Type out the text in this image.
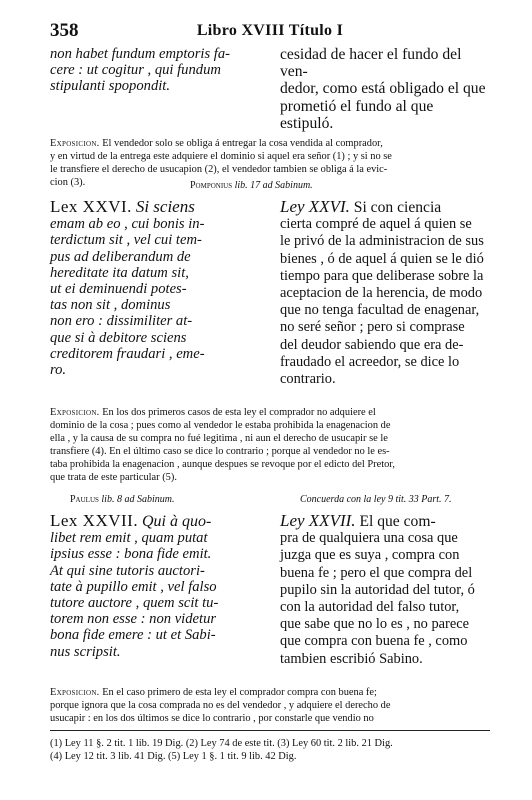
358	Libro XVIII Título I
non habet fundum emptoris fa-
cere : ut cogitur , qui fundum
stipulanti spopondit.
cesidad de hacer el fundo del ven-
dedor, como está obligado el que
prometió el fundo al que estipuló.

Exposicion. El vendedor solo se obliga á entregar la cosa vendida al comprador,

y en virtud de la entrega este adquiere el dominio si aquel era señor (1) ; y si no se

le transfiere el derecho de usucapion (2), el vendedor tambien se obliga á la evic-

cion (3).	Pomponius lib. 17 ad Sabinum.
Lex XXVI. Si sciens
emam ab eo , cui bonis in-
terdictum sit , vel cui tem-
pus ad deliberandum de
hereditate ita datum sit,
ut ei deminuendi potes-
tas non sit , dominus
non ero : dissimiliter at-
que si à debitore sciens
creditorem fraudari , eme-
ro.
Ley XXVI. Si con ciencia
cierta compré de aquel á quien se
le privó de la administracion de sus
bienes , ó de aquel á quien se le dió
tiempo para que deliberase sobre la
aceptacion de la herencia, de modo
que no tenga facultad de enagenar,
no seré señor ; pero si comprase
del deudor sabiendo que era de-
fraudado el acreedor, se dice lo
contrario.

Exposicion. En los dos primeros casos de esta ley el comprador no adquiere el

dominio de la cosa ; pues como al vendedor le estaba prohibida la enagenacion de

ella , y la causa de su compra no fué legitima , ni aun el derecho de usucapir se le

transfiere (4). En el último caso se dice lo contrario ; porque al vendedor no le es-

taba prohibida la enagenacion , aunque despues se revoque por el edicto del Pretor,

que trata de este particular (5).

Paulus lib. 8 ad Sabinum.	Concuerda con la ley 9 tit. 33 Part. 7.
Lex XXVII. Qui à quo-
libet rem emit , quam putat
ipsius esse : bona fide emit.
At qui sine tutoris auctori-
tate à pupillo emit , vel falso
tutore auctore , quem scit tu-
torem non esse : non videtur
bona fide emere : ut et Sabi-
nus scripsit.
Ley XXVII. El que com-
pra de qualquiera una cosa que
juzga que es suya , compra con
buena fe ; pero el que compra del
pupilo sin la autoridad del tutor, ó
con la autoridad del falso tutor,
que sabe que no lo es , no parece
que compra con buena fe , como
tambien escribió Sabino.

Exposicion. En el caso primero de esta ley el comprador compra con buena fe;

porque ignora que la cosa comprada no es del vendedor , y adquiere el derecho de

usucapir : en los dos últimos se dice lo contrario , por constarle que vendio no

(1) Ley 11 §. 2 tit. 1 lib. 19 Dig. (2) Ley 74 de este tit. (3) Ley 60 tit. 2 lib. 21 Dig.

(4) Ley 12 tit. 3 lib. 41 Dig. (5) Ley 1 §. 1 tit. 9 lib. 42 Dig.
